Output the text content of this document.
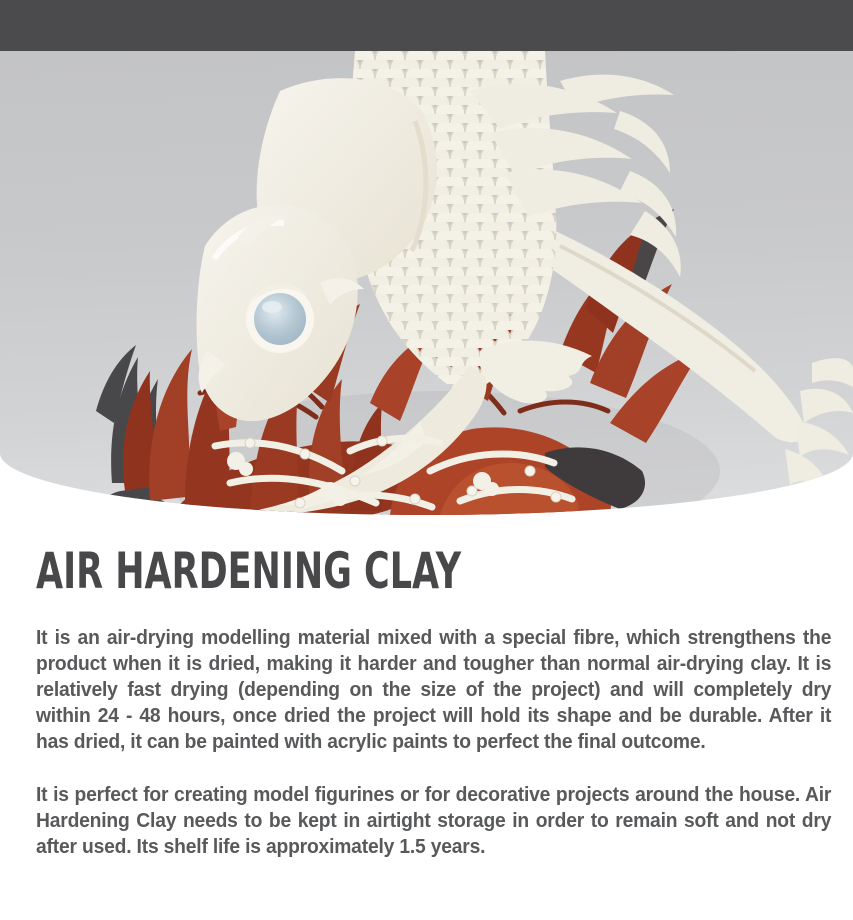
AIR HARDENING CLAY

It is an air-drying modelling material mixed with a special fibre, which strengthens the product when it is dried, making it harder and tougher than normal air-drying clay. It is relatively fast drying (depending on the size of the project) and will completely dry within 24 - 48 hours, once dried the project will hold its shape and be durable. After it has dried, it can be painted with acrylic paints to perfect the final outcome.

It is perfect for creating model figurines or for decorative projects around the house. Air Hardening Clay needs to be kept in airtight storage in order to remain soft and not dry after used. Its shelf life is approximately 1.5 years.
